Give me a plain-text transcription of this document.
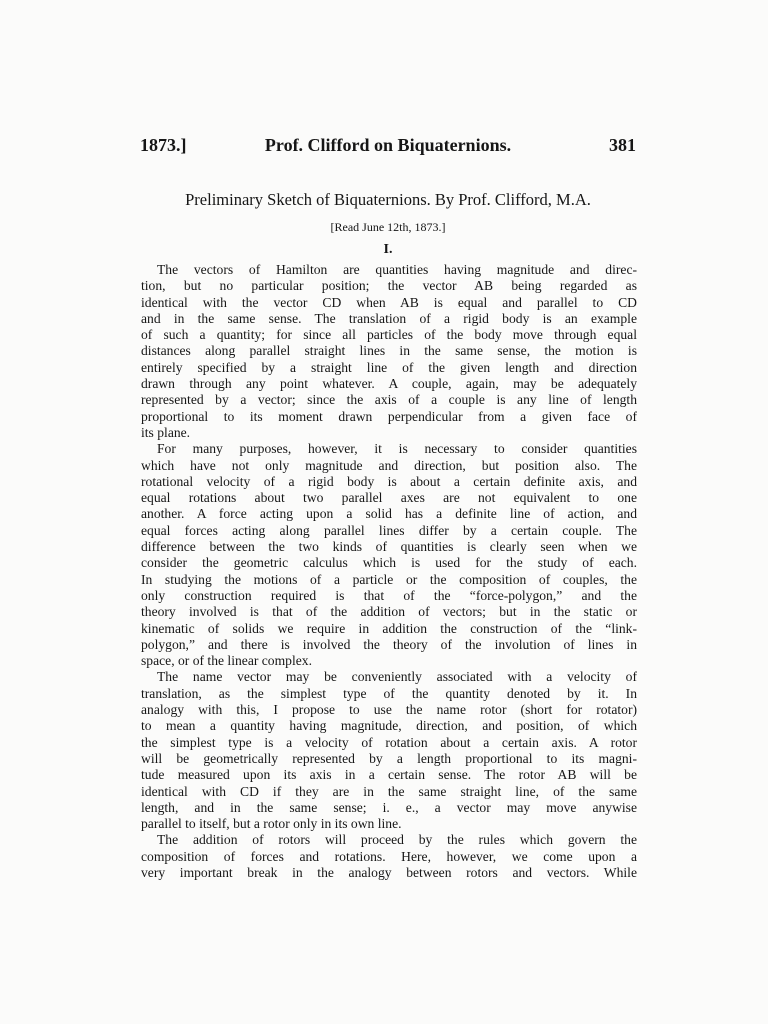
1873.]	Prof. Clifford on Biquaternions.	381
Preliminary Sketch of Biquaternions. By Prof. Clifford, M.A.
[Read June 12th, 1873.]
I.
The vectors of Hamilton are quantities having magnitude and direc-
tion, but no particular position; the vector AB being regarded as
identical with the vector CD when AB is equal and parallel to CD
and in the same sense. The translation of a rigid body is an example
of such a quantity; for since all particles of the body move through equal
distances along parallel straight lines in the same sense, the motion is
entirely specified by a straight line of the given length and direction
drawn through any point whatever. A couple, again, may be adequately
represented by a vector; since the axis of a couple is any line of length
proportional to its moment drawn perpendicular from a given face of
its plane.
For many purposes, however, it is necessary to consider quantities
which have not only magnitude and direction, but position also. The
rotational velocity of a rigid body is about a certain definite axis, and
equal rotations about two parallel axes are not equivalent to one
another. A force acting upon a solid has a definite line of action, and
equal forces acting along parallel lines differ by a certain couple. The
difference between the two kinds of quantities is clearly seen when we
consider the geometric calculus which is used for the study of each.
In studying the motions of a particle or the composition of couples, the
only construction required is that of the “force-polygon,” and the
theory involved is that of the addition of vectors; but in the static or
kinematic of solids we require in addition the construction of the “link-
polygon,” and there is involved the theory of the involution of lines in
space, or of the linear complex.
The name vector may be conveniently associated with a velocity of
translation, as the simplest type of the quantity denoted by it. In
analogy with this, I propose to use the name rotor (short for rotator)
to mean a quantity having magnitude, direction, and position, of which
the simplest type is a velocity of rotation about a certain axis. A rotor
will be geometrically represented by a length proportional to its magni-
tude measured upon its axis in a certain sense. The rotor AB will be
identical with CD if they are in the same straight line, of the same
length, and in the same sense; i. e., a vector may move anywise
parallel to itself, but a rotor only in its own line.
The addition of rotors will proceed by the rules which govern the
composition of forces and rotations. Here, however, we come upon a
very important break in the analogy between rotors and vectors. While
